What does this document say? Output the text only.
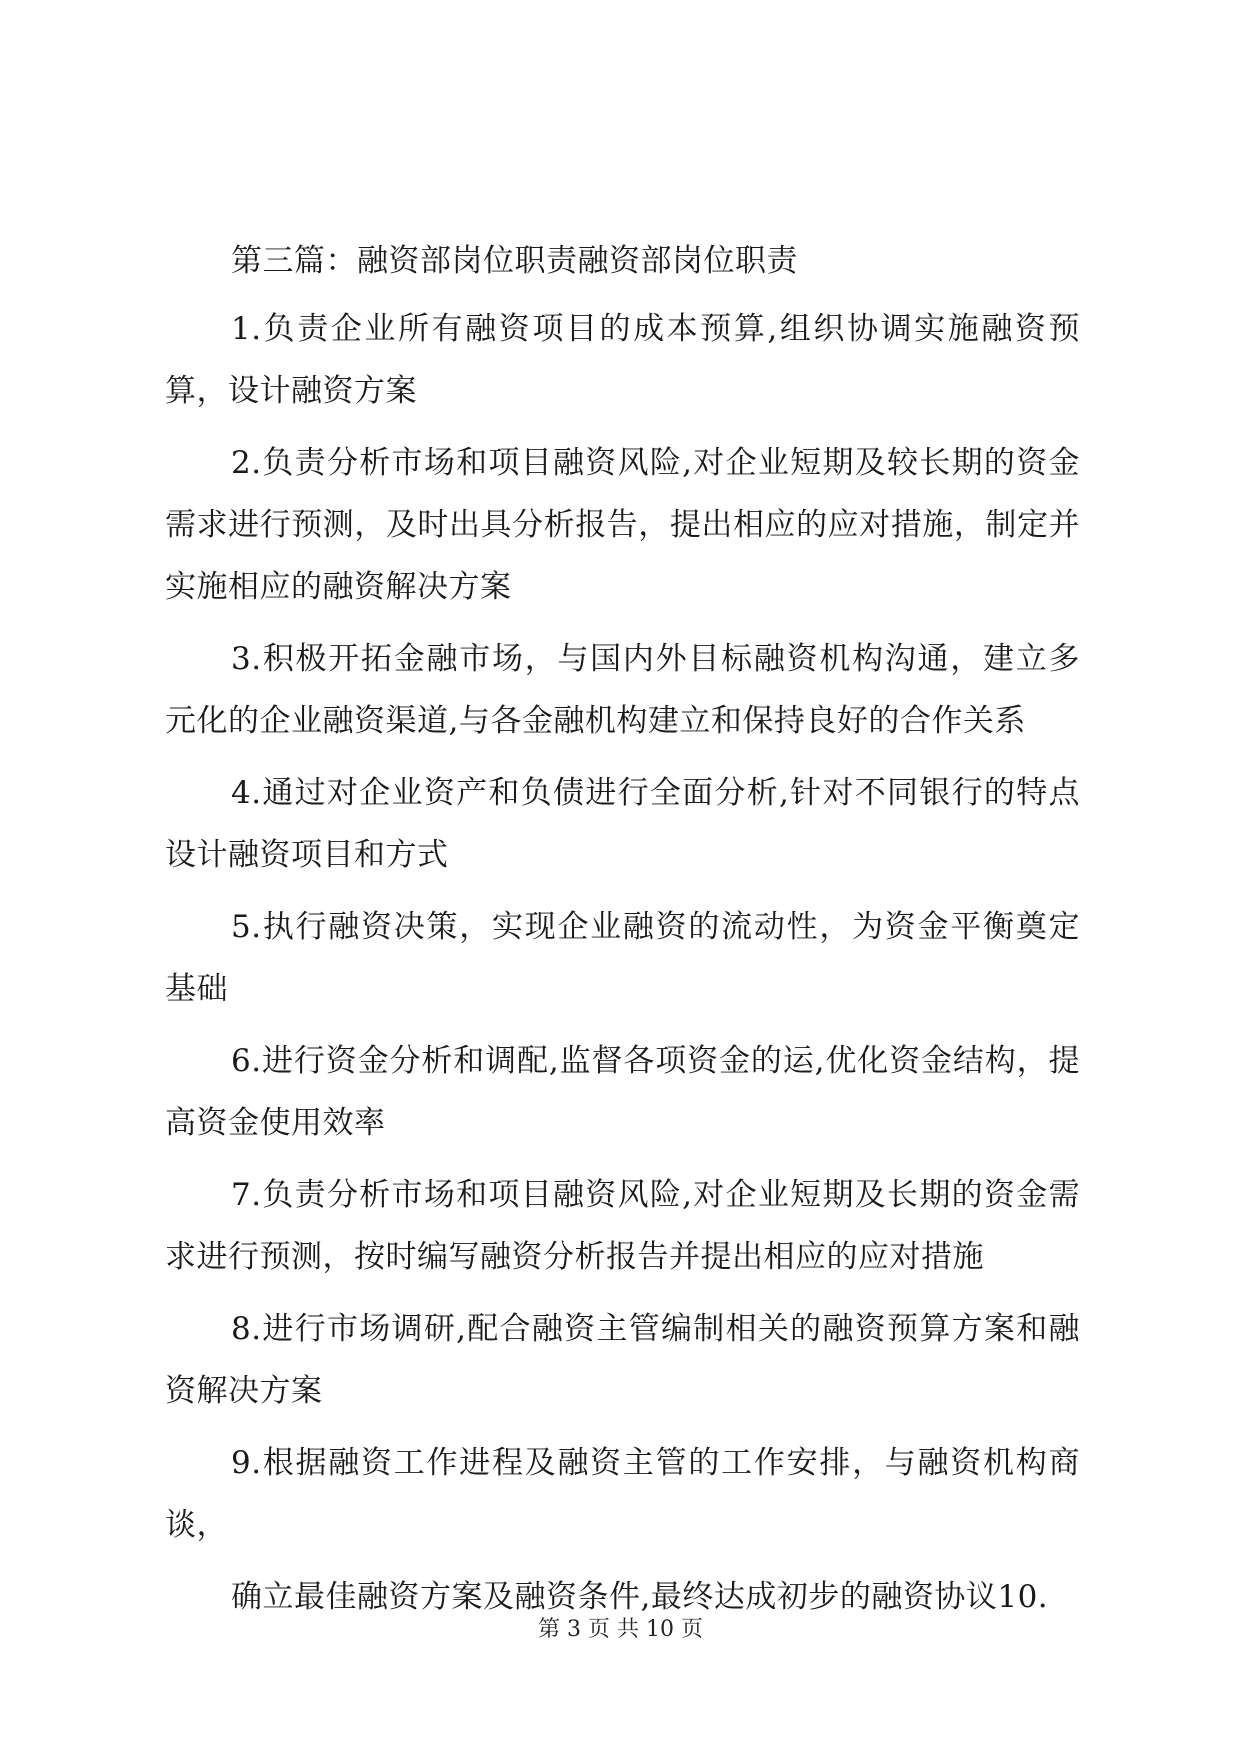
第三篇：融资部岗位职责融资部岗位职责

1.负责企业所有融资项目的成本预算,组织协调实施融资预算，设计融资方案

2.负责分析市场和项目融资风险,对企业短期及较长期的资金需求进行预测，及时出具分析报告，提出相应的应对措施，制定并实施相应的融资解决方案

3.积极开拓金融市场，与国内外目标融资机构沟通，建立多元化的企业融资渠道,与各金融机构建立和保持良好的合作关系

4.通过对企业资产和负债进行全面分析,针对不同银行的特点设计融资项目和方式

5.执行融资决策，实现企业融资的流动性，为资金平衡奠定基础

6.进行资金分析和调配,监督各项资金的运,优化资金结构，提高资金使用效率

7.负责分析市场和项目融资风险,对企业短期及长期的资金需求进行预测，按时编写融资分析报告并提出相应的应对措施

8.进行市场调研,配合融资主管编制相关的融资预算方案和融资解决方案

9.根据融资工作进程及融资主管的工作安排，与融资机构商谈，

确立最佳融资方案及融资条件,最终达成初步的融资协议10.

第 3 页 共 10 页
